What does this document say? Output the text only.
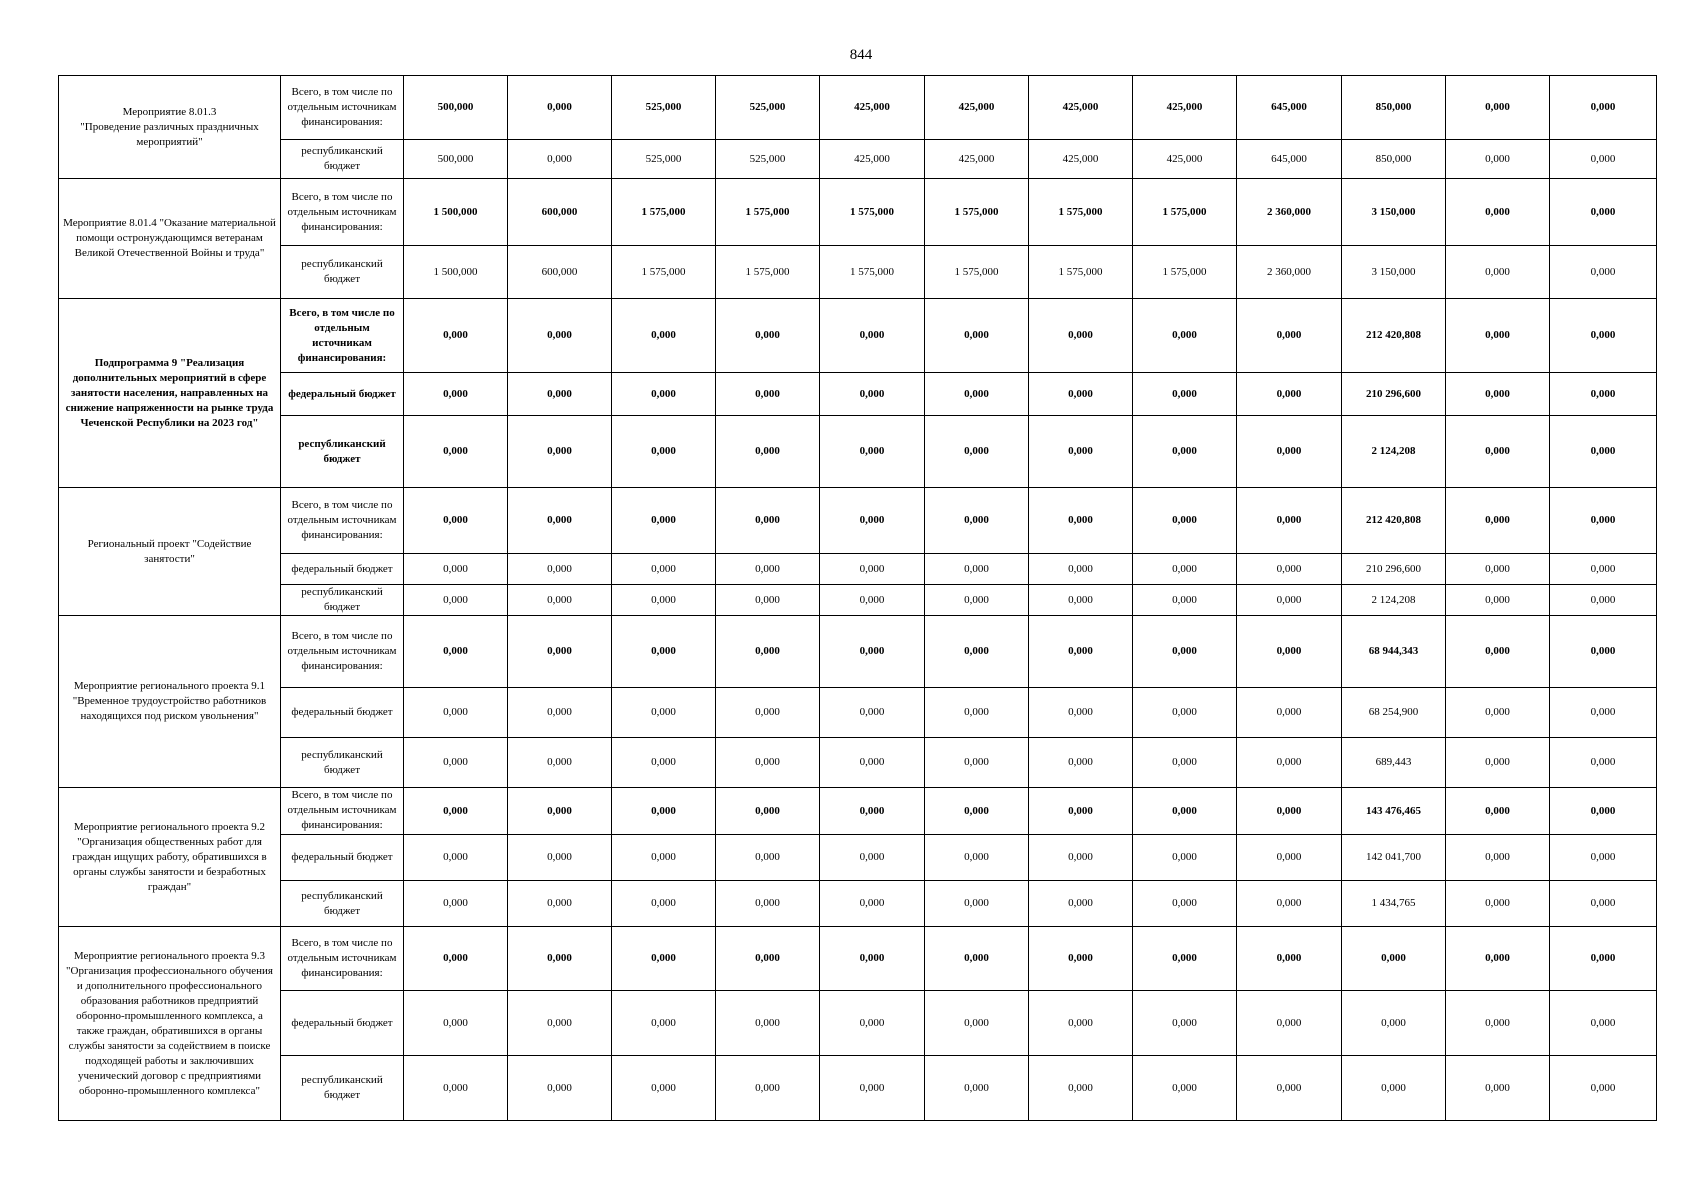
844
Мероприятие 8.01.3
"Проведение различных праздничных мероприятий"	Всего, в том числе по отдельным источникам финансирования:	500,000	0,000	525,000	525,000	425,000	425,000	425,000	425,000	645,000	850,000	0,000	0,000
	республиканский бюджет	500,000	0,000	525,000	525,000	425,000	425,000	425,000	425,000	645,000	850,000	0,000	0,000
Мероприятие 8.01.4 "Оказание материальной помощи остронуждающимся ветеранам Великой Отечественной Войны и труда"	Всего, в том числе по отдельным источникам финансирования:	1 500,000	600,000	1 575,000	1 575,000	1 575,000	1 575,000	1 575,000	1 575,000	2 360,000	3 150,000	0,000	0,000
	республиканский бюджет	1 500,000	600,000	1 575,000	1 575,000	1 575,000	1 575,000	1 575,000	1 575,000	2 360,000	3 150,000	0,000	0,000
Подпрограмма 9 "Реализация дополнительных мероприятий в сфере занятости населения, направленных на снижение напряженности на рынке труда Чеченской Республики на 2023 год"	Всего, в том числе по отдельным источникам финансирования:	0,000	0,000	0,000	0,000	0,000	0,000	0,000	0,000	0,000	212 420,808	0,000	0,000
	федеральный бюджет	0,000	0,000	0,000	0,000	0,000	0,000	0,000	0,000	0,000	210 296,600	0,000	0,000
	республиканский бюджет	0,000	0,000	0,000	0,000	0,000	0,000	0,000	0,000	0,000	2 124,208	0,000	0,000
Региональный проект "Содействие занятости"	Всего, в том числе по отдельным источникам финансирования:	0,000	0,000	0,000	0,000	0,000	0,000	0,000	0,000	0,000	212 420,808	0,000	0,000
	федеральный бюджет	0,000	0,000	0,000	0,000	0,000	0,000	0,000	0,000	0,000	210 296,600	0,000	0,000
	республиканский бюджет	0,000	0,000	0,000	0,000	0,000	0,000	0,000	0,000	0,000	2 124,208	0,000	0,000
Мероприятие регионального проекта 9.1 "Временное трудоустройство работников находящихся под риском увольнения"	Всего, в том числе по отдельным источникам финансирования:	0,000	0,000	0,000	0,000	0,000	0,000	0,000	0,000	0,000	68 944,343	0,000	0,000
	федеральный бюджет	0,000	0,000	0,000	0,000	0,000	0,000	0,000	0,000	0,000	68 254,900	0,000	0,000
	республиканский бюджет	0,000	0,000	0,000	0,000	0,000	0,000	0,000	0,000	0,000	689,443	0,000	0,000
Мероприятие регионального проекта 9.2
"Организация общественных работ для граждан ищущих работу, обратившихся в органы службы занятости и безработных граждан"	Всего, в том числе по отдельным источникам финансирования:	0,000	0,000	0,000	0,000	0,000	0,000	0,000	0,000	0,000	143 476,465	0,000	0,000
	федеральный бюджет	0,000	0,000	0,000	0,000	0,000	0,000	0,000	0,000	0,000	142 041,700	0,000	0,000
	республиканский бюджет	0,000	0,000	0,000	0,000	0,000	0,000	0,000	0,000	0,000	1 434,765	0,000	0,000
Мероприятие регионального проекта 9.3 "Организация профессионального обучения и дополнительного профессионального образования работников предприятий оборонно-промышленного комплекса, а также граждан, обратившихся в органы службы занятости за содействием в поиске подходящей работы и заключивших ученический договор с предприятиями оборонно-промышленного комплекса"	Всего, в том числе по отдельным источникам финансирования:	0,000	0,000	0,000	0,000	0,000	0,000	0,000	0,000	0,000	0,000	0,000	0,000
	федеральный бюджет	0,000	0,000	0,000	0,000	0,000	0,000	0,000	0,000	0,000	0,000	0,000	0,000
	республиканский бюджет	0,000	0,000	0,000	0,000	0,000	0,000	0,000	0,000	0,000	0,000	0,000	0,000
